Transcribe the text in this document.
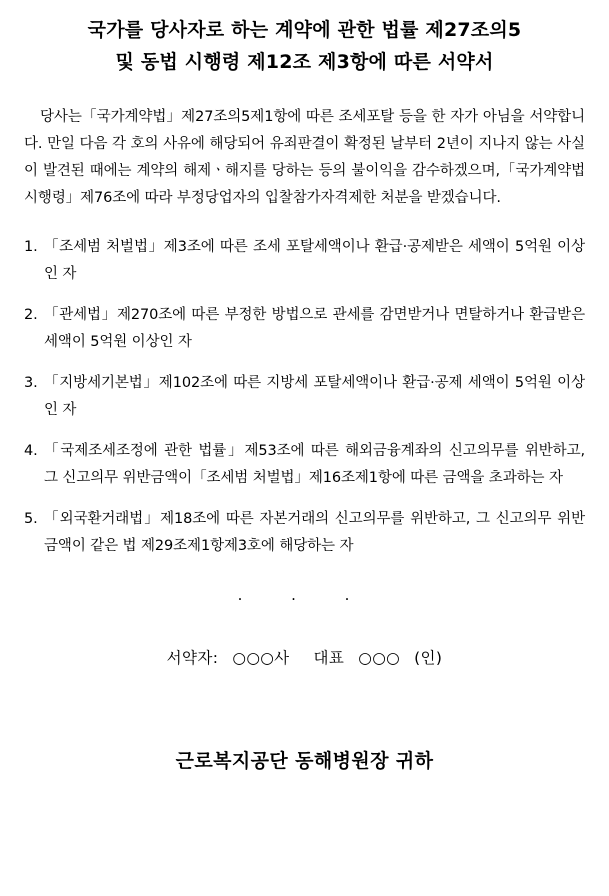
국가를 당사자로 하는 계약에 관한 법률 제27조의5
및 동법 시행령 제12조 제3항에 따른 서약서

당사는「국가계약법」제27조의5제1항에 따른 조세포탈 등을 한 자가 아님을 서약합니다. 만일 다음 각 호의 사유에 해당되어 유죄판결이 확정된 날부터 2년이 지나지 않는 사실이 발견된 때에는 계약의 해제ㆍ해지를 당하는 등의 불이익을 감수하겠으며,「국가계약법 시행령」제76조에 따라 부정당업자의 입찰참가자격제한 처분을 받겠습니다.

1. 「조세범 처벌법」제3조에 따른 조세 포탈세액이나 환급·공제받은 세액이 5억원 이상인 자
2. 「관세법」제270조에 따른 부정한 방법으로 관세를 감면받거나 면탈하거나 환급받은 세액이 5억원 이상인 자
3. 「지방세기본법」제102조에 따른 지방세 포탈세액이나 환급·공제 세액이 5억원 이상인 자
4. 「국제조세조정에 관한 법률」제53조에 따른 해외금융계좌의 신고의무를 위반하고, 그 신고의무 위반금액이「조세범 처벌법」제16조제1항에 따른 금액을 초과하는 자
5. 「외국환거래법」제18조에 따른 자본거래의 신고의무를 위반하고, 그 신고의무 위반금액이 같은 법 제29조제1항제3호에 해당하는 자
. . .
서약자: ○○○사 대표 ○○○ (인)
근로복지공단 동해병원장 귀하
